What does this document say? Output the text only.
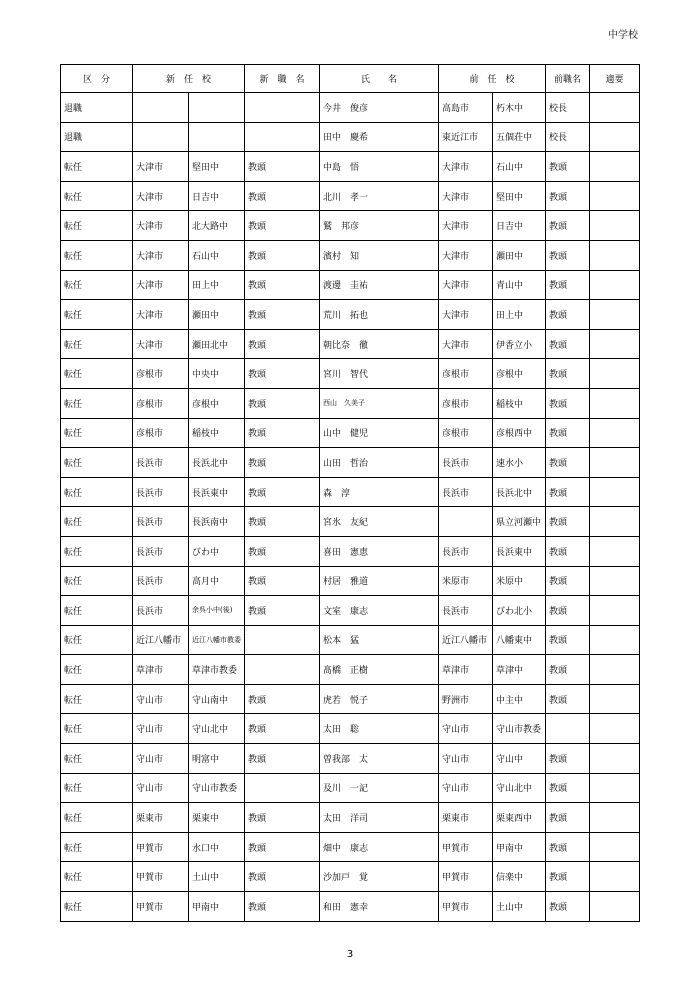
中学校
区　分	新　任　校		新　職　名	氏　　名	前　任　校		前職名	適要
退職				今井　俊彦	高島市	朽木中	校長	
退職				田中　慶希	東近江市	五個荘中	校長	
転任	大津市	堅田中	教頭	中島　悟	大津市	石山中	教頭	
転任	大津市	日吉中	教頭	北川　孝一	大津市	堅田中	教頭	
転任	大津市	北大路中	教頭	鷲　邦彦	大津市	日吉中	教頭	
転任	大津市	石山中	教頭	濱村　知	大津市	瀬田中	教頭	
転任	大津市	田上中	教頭	渡邊　圭祐	大津市	青山中	教頭	
転任	大津市	瀬田中	教頭	荒川　拓也	大津市	田上中	教頭	
転任	大津市	瀬田北中	教頭	朝比奈　徹	大津市	伊香立小	教頭	
転任	彦根市	中央中	教頭	宮川　智代	彦根市	彦根中	教頭	
転任	彦根市	彦根中	教頭	西山　久美子	彦根市	稲枝中	教頭	
転任	彦根市	稲枝中	教頭	山中　健児	彦根市	彦根西中	教頭	
転任	長浜市	長浜北中	教頭	山田　哲治	長浜市	速水小	教頭	
転任	長浜市	長浜東中	教頭	森　淳	長浜市	長浜北中	教頭	
転任	長浜市	長浜南中	教頭	宮氷　友紀		県立河瀬中	教頭	
転任	長浜市	びわ中	教頭	喜田　憲恵	長浜市	長浜東中	教頭	
転任	長浜市	高月中	教頭	村居　雅道	米原市	米原中	教頭	
転任	長浜市	余呉小中(後)	教頭	文室　康志	長浜市	びわ北小	教頭	
転任	近江八幡市	近江八幡市教委		松本　猛	近江八幡市	八幡東中	教頭	
転任	草津市	草津市教委		髙橋　正樹	草津市	草津中	教頭	
転任	守山市	守山南中	教頭	虎若　悦子	野洲市	中主中	教頭	
転任	守山市	守山北中	教頭	太田　聡	守山市	守山市教委		
転任	守山市	明富中	教頭	曽我部　太	守山市	守山中	教頭	
転任	守山市	守山市教委		及川　一記	守山市	守山北中	教頭	
転任	栗東市	栗東中	教頭	太田　洋司	栗東市	栗東西中	教頭	
転任	甲賀市	水口中	教頭	畑中　康志	甲賀市	甲南中	教頭	
転任	甲賀市	土山中	教頭	沙加戸　覚	甲賀市	信楽中	教頭	
転任	甲賀市	甲南中	教頭	和田　憲幸	甲賀市	土山中	教頭	
3
